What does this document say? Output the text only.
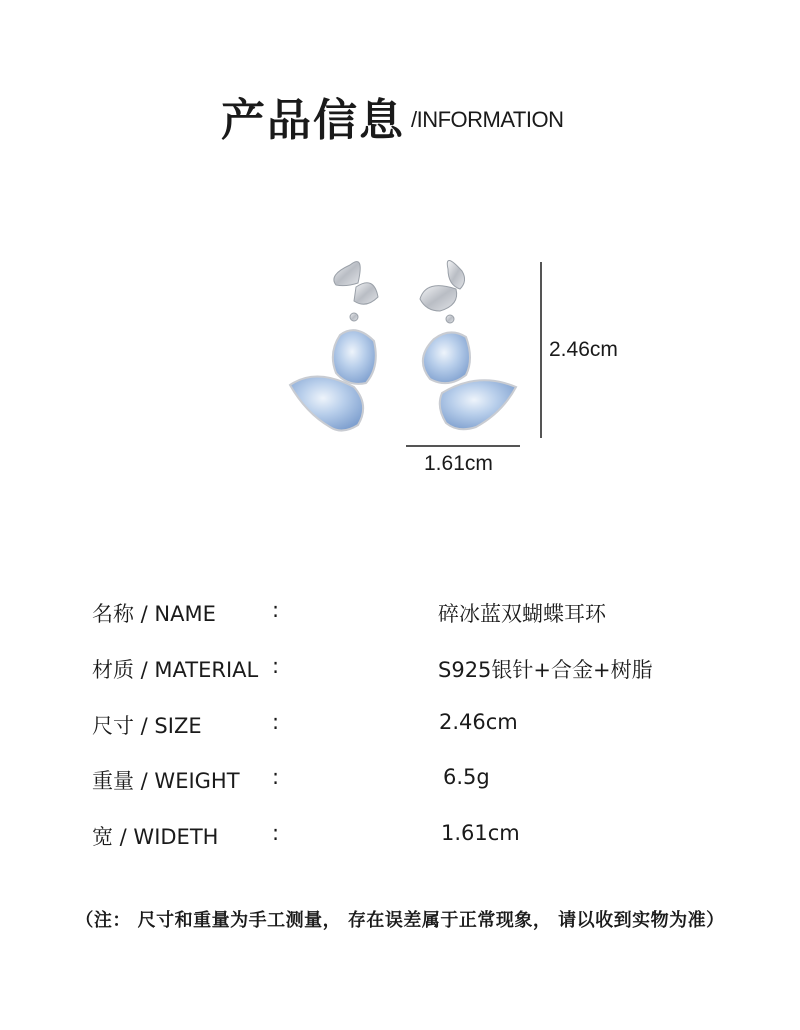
产品信息 /INFORMATION
2.46cm
1.61cm
名称 / NAME	:	碎冰蓝双蝴蝶耳环
材质 / MATERIAL :	S925银针+合金+树脂
尺寸 / SIZE	:	2.46cm
重量 / WEIGHT :	6.5g
宽 / WIDETH	:	1.61cm
（注： 尺寸和重量为手工测量， 存在误差属于正常现象， 请以收到实物为准）
